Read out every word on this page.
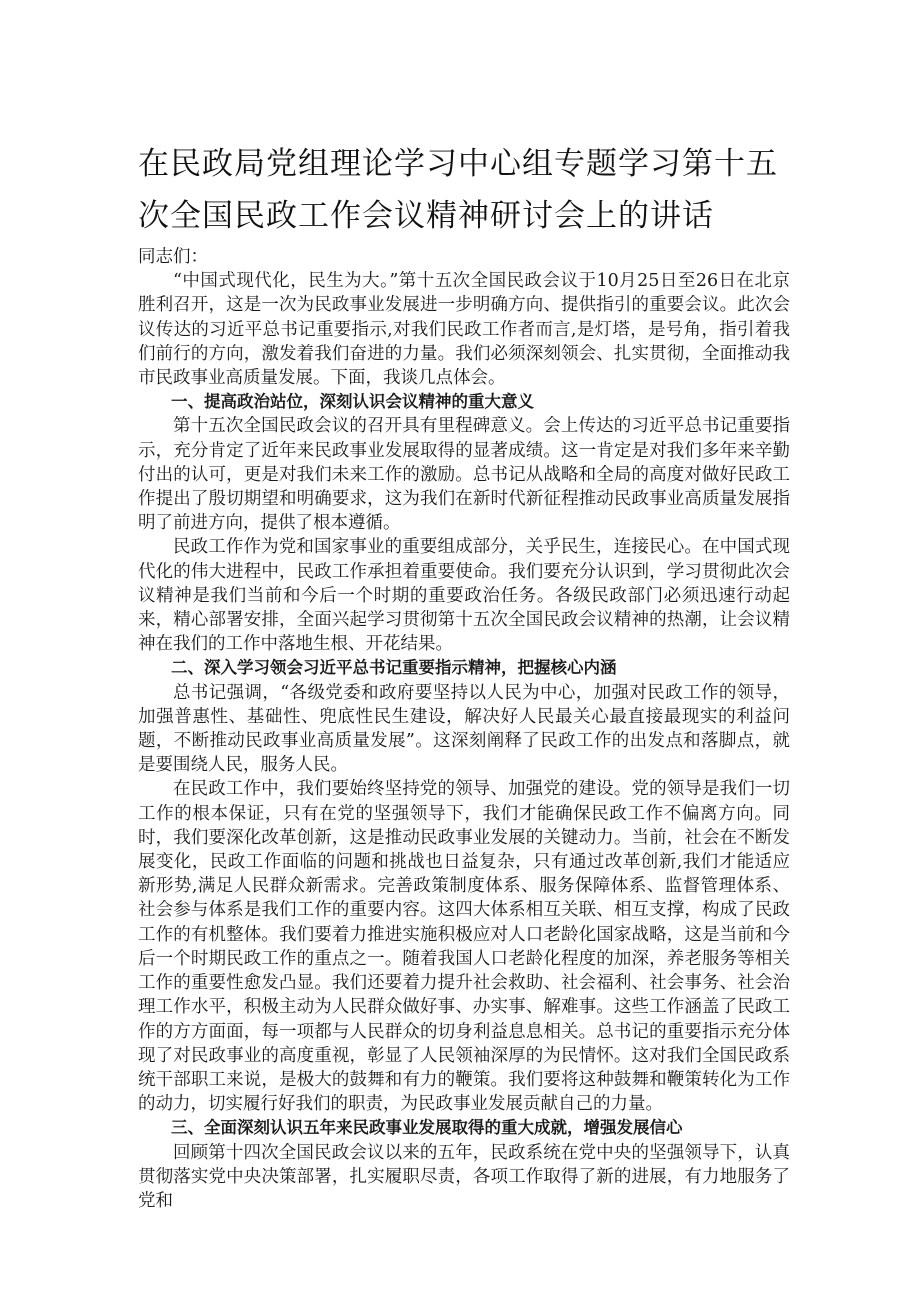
在民政局党组理论学习中心组专题学习第十五次全国民政工作会议精神研讨会上的讲话

同志们：

“中国式现代化，民生为大。”第十五次全国民政会议于10月25日至26日在北京胜利召开，这是一次为民政事业发展进一步明确方向、提供指引的重要会议。此次会议传达的习近平总书记重要指示,对我们民政工作者而言,是灯塔，是号角，指引着我们前行的方向，激发着我们奋进的力量。我们必须深刻领会、扎实贯彻，全面推动我市民政事业高质量发展。下面，我谈几点体会。

一、提高政治站位，深刻认识会议精神的重大意义

第十五次全国民政会议的召开具有里程碑意义。会上传达的习近平总书记重要指示，充分肯定了近年来民政事业发展取得的显著成绩。这一肯定是对我们多年来辛勤付出的认可，更是对我们未来工作的激励。总书记从战略和全局的高度对做好民政工作提出了殷切期望和明确要求，这为我们在新时代新征程推动民政事业高质量发展指明了前进方向，提供了根本遵循。

民政工作作为党和国家事业的重要组成部分，关乎民生，连接民心。在中国式现代化的伟大进程中，民政工作承担着重要使命。我们要充分认识到，学习贯彻此次会议精神是我们当前和今后一个时期的重要政治任务。各级民政部门必须迅速行动起来，精心部署安排，全面兴起学习贯彻第十五次全国民政会议精神的热潮，让会议精神在我们的工作中落地生根、开花结果。

二、深入学习领会习近平总书记重要指示精神，把握核心内涵

总书记强调，“各级党委和政府要坚持以人民为中心，加强对民政工作的领导，加强普惠性、基础性、兜底性民生建设，解决好人民最关心最直接最现实的利益问题，不断推动民政事业高质量发展”。这深刻阐释了民政工作的出发点和落脚点，就是要围绕人民，服务人民。

在民政工作中，我们要始终坚持党的领导、加强党的建设。党的领导是我们一切工作的根本保证，只有在党的坚强领导下，我们才能确保民政工作不偏离方向。同时，我们要深化改革创新，这是推动民政事业发展的关键动力。当前，社会在不断发展变化，民政工作面临的问题和挑战也日益复杂，只有通过改革创新,我们才能适应新形势,满足人民群众新需求。完善政策制度体系、服务保障体系、监督管理体系、社会参与体系是我们工作的重要内容。这四大体系相互关联、相互支撑，构成了民政工作的有机整体。我们要着力推进实施积极应对人口老龄化国家战略，这是当前和今后一个时期民政工作的重点之一。随着我国人口老龄化程度的加深，养老服务等相关工作的重要性愈发凸显。我们还要着力提升社会救助、社会福利、社会事务、社会治理工作水平，积极主动为人民群众做好事、办实事、解难事。这些工作涵盖了民政工作的方方面面，每一项都与人民群众的切身利益息息相关。总书记的重要指示充分体现了对民政事业的高度重视，彰显了人民领袖深厚的为民情怀。这对我们全国民政系统干部职工来说，是极大的鼓舞和有力的鞭策。我们要将这种鼓舞和鞭策转化为工作的动力，切实履行好我们的职责，为民政事业发展贡献自己的力量。

三、全面深刻认识五年来民政事业发展取得的重大成就，增强发展信心

回顾第十四次全国民政会议以来的五年，民政系统在党中央的坚强领导下，认真贯彻落实党中央决策部署，扎实履职尽责，各项工作取得了新的进展，有力地服务了党和
